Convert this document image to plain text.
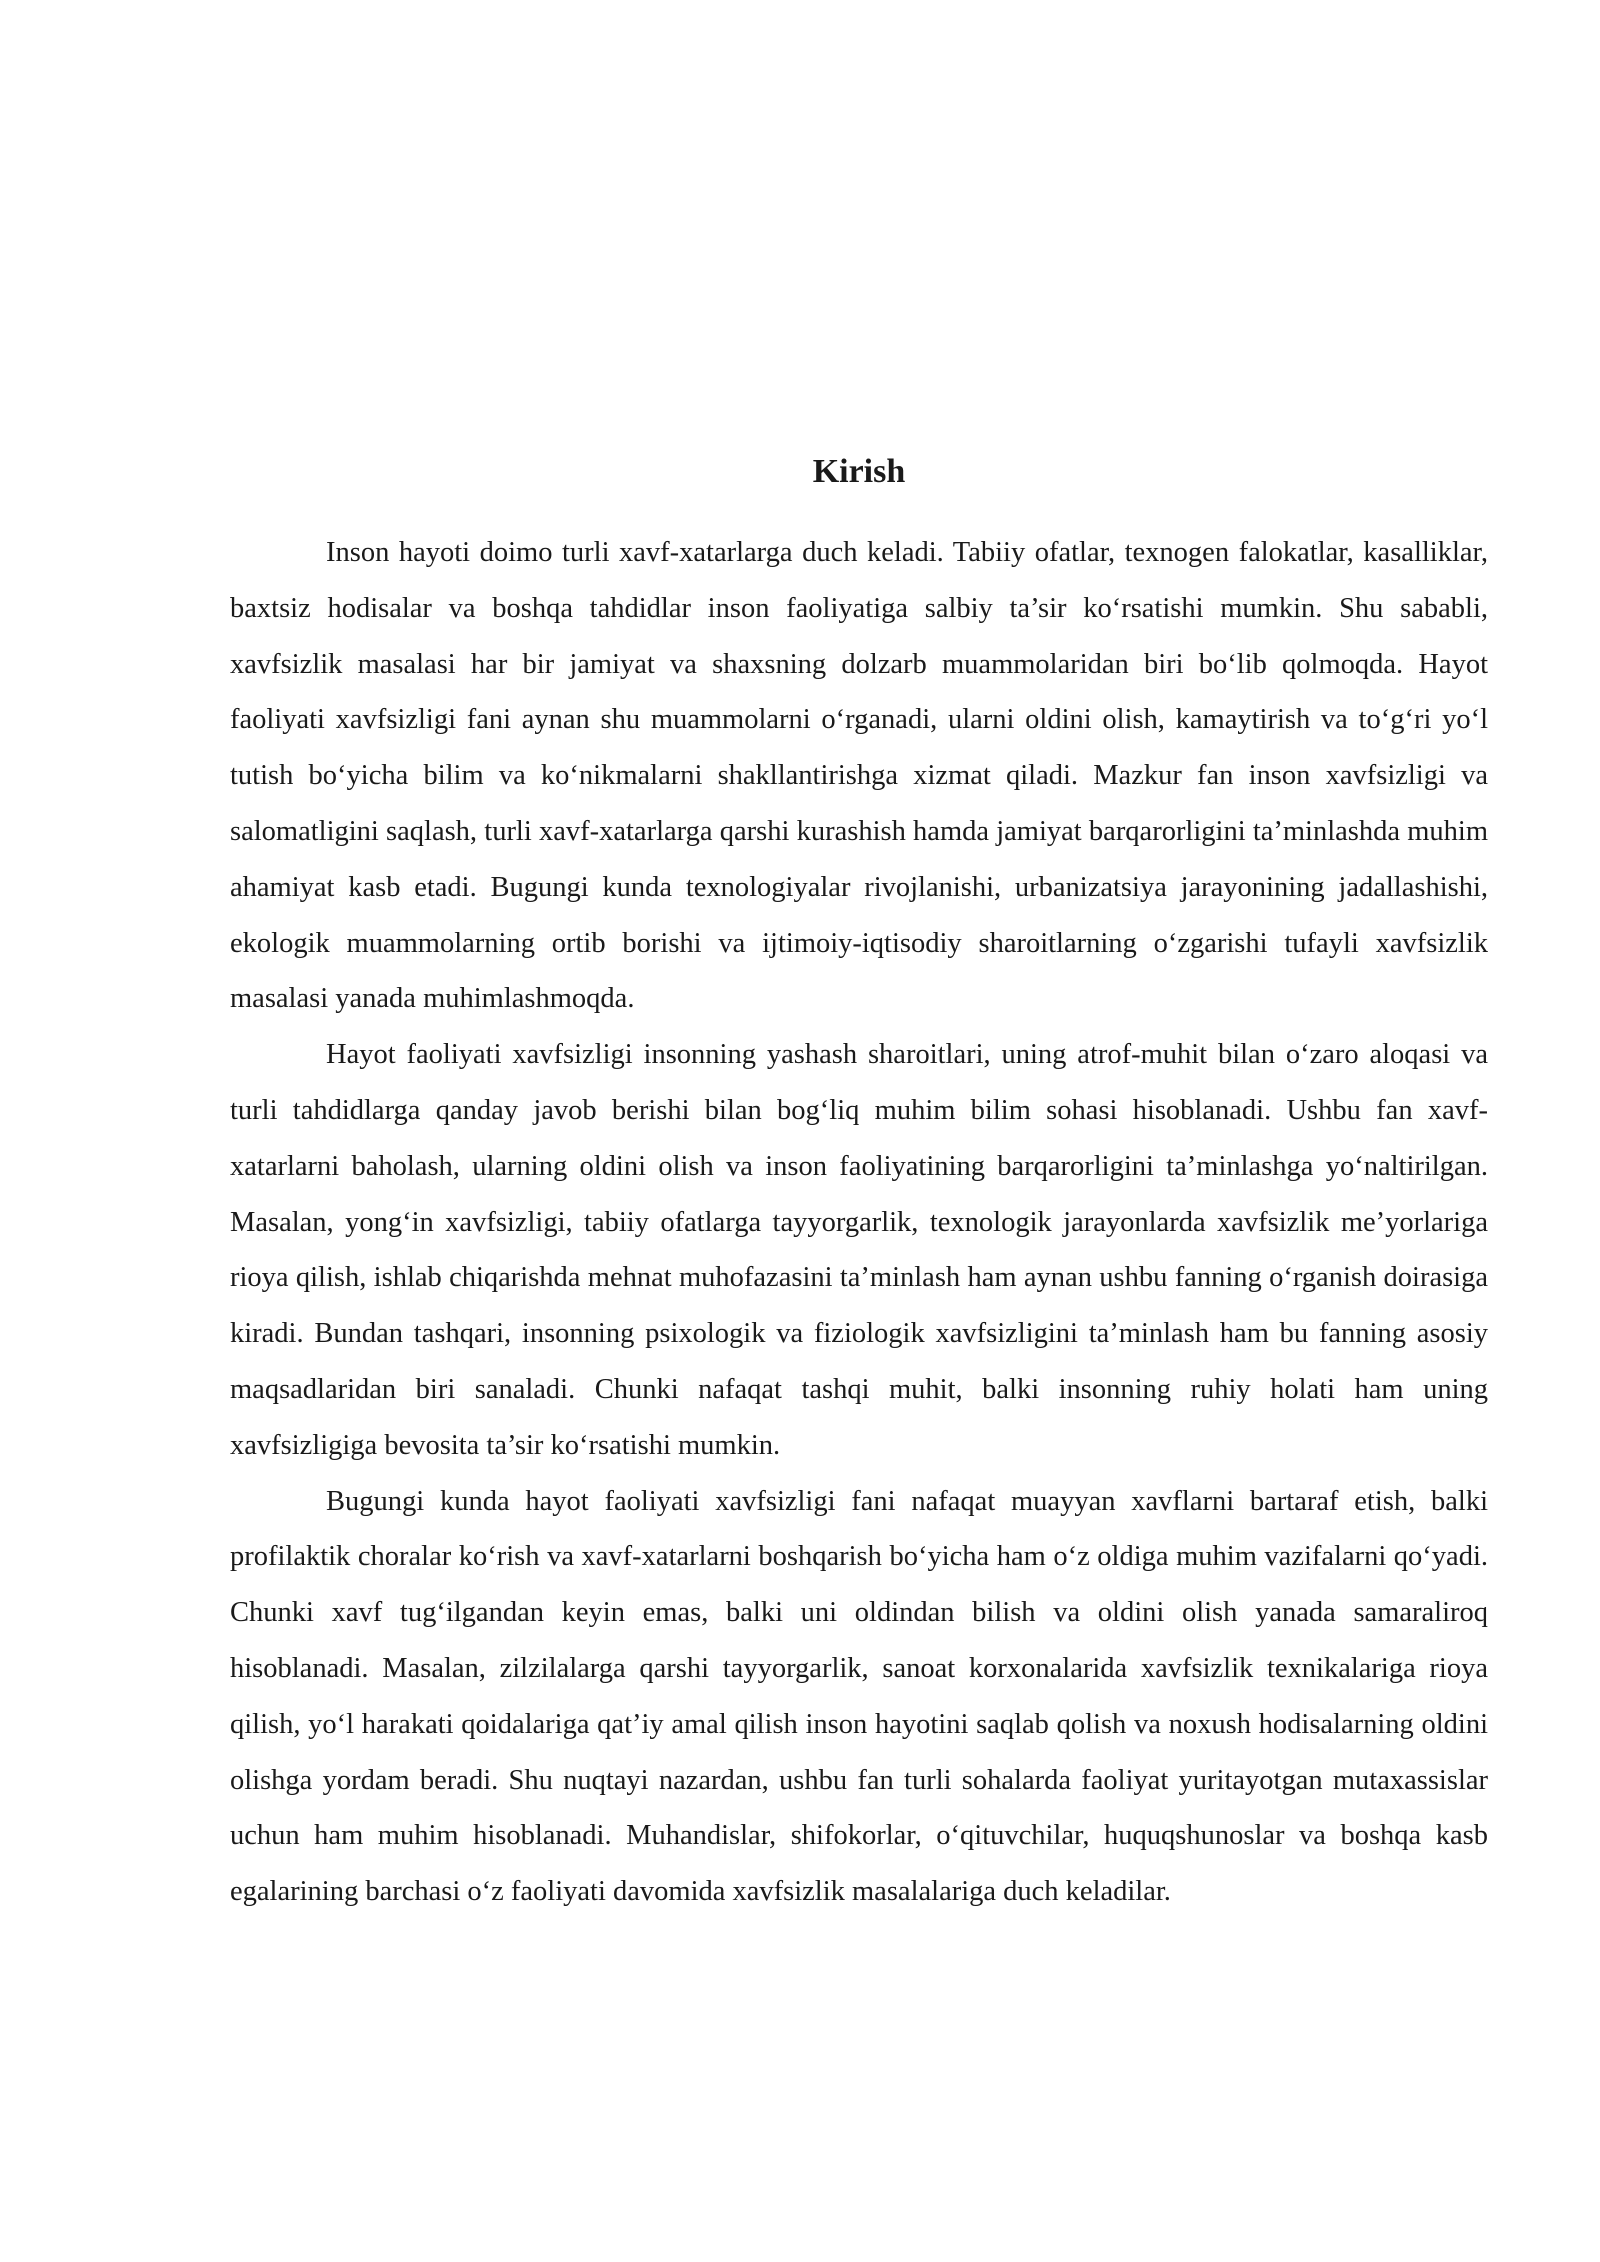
Kirish

Inson hayoti doimo turli xavf-xatarlarga duch keladi. Tabiiy ofatlar, texnogen falokatlar, kasalliklar, baxtsiz hodisalar va boshqa tahdidlar inson faoliyatiga salbiy ta’sir ko‘rsatishi mumkin. Shu sababli, xavfsizlik masalasi har bir jamiyat va shaxsning dolzarb muammolaridan biri bo‘lib qolmoqda. Hayot faoliyati xavfsizligi fani aynan shu muammolarni o‘rganadi, ularni oldini olish, kamaytirish va to‘g‘ri yo‘l tutish bo‘yicha bilim va ko‘nikmalarni shakllantirishga xizmat qiladi. Mazkur fan inson xavfsizligi va salomatligini saqlash, turli xavf-xatarlarga qarshi kurashish hamda jamiyat barqarorligini ta’minlashda muhim ahamiyat kasb etadi. Bugungi kunda texnologiyalar rivojlanishi, urbanizatsiya jarayonining jadallashishi, ekologik muammolarning ortib borishi va ijtimoiy-iqtisodiy sharoitlarning o‘zgarishi tufayli xavfsizlik masalasi yanada muhimlashmoqda.

Hayot faoliyati xavfsizligi insonning yashash sharoitlari, uning atrof-muhit bilan o‘zaro aloqasi va turli tahdidlarga qanday javob berishi bilan bog‘liq muhim bilim sohasi hisoblanadi. Ushbu fan xavf-xatarlarni baholash, ularning oldini olish va inson faoliyatining barqarorligini ta’minlashga yo‘naltirilgan. Masalan, yong‘in xavfsizligi, tabiiy ofatlarga tayyorgarlik, texnologik jarayonlarda xavfsizlik me’yorlariga rioya qilish, ishlab chiqarishda mehnat muhofazasini ta’minlash ham aynan ushbu fanning o‘rganish doirasiga kiradi. Bundan tashqari, insonning psixologik va fiziologik xavfsizligini ta’minlash ham bu fanning asosiy maqsadlaridan biri sanaladi. Chunki nafaqat tashqi muhit, balki insonning ruhiy holati ham uning xavfsizligiga bevosita ta’sir ko‘rsatishi mumkin.

Bugungi kunda hayot faoliyati xavfsizligi fani nafaqat muayyan xavflarni bartaraf etish, balki profilaktik choralar ko‘rish va xavf-xatarlarni boshqarish bo‘yicha ham o‘z oldiga muhim vazifalarni qo‘yadi. Chunki xavf tug‘ilgandan keyin emas, balki uni oldindan bilish va oldini olish yanada samaraliroq hisoblanadi. Masalan, zilzilalarga qarshi tayyorgarlik, sanoat korxonalarida xavfsizlik texnikalariga rioya qilish, yo‘l harakati qoidalariga qat’iy amal qilish inson hayotini saqlab qolish va noxush hodisalarning oldini olishga yordam beradi. Shu nuqtayi nazardan, ushbu fan turli sohalarda faoliyat yuritayotgan mutaxassislar uchun ham muhim hisoblanadi. Muhandislar, shifokorlar, o‘qituvchilar, huquqshunoslar va boshqa kasb egalarining barchasi o‘z faoliyati davomida xavfsizlik masalalariga duch keladilar.
